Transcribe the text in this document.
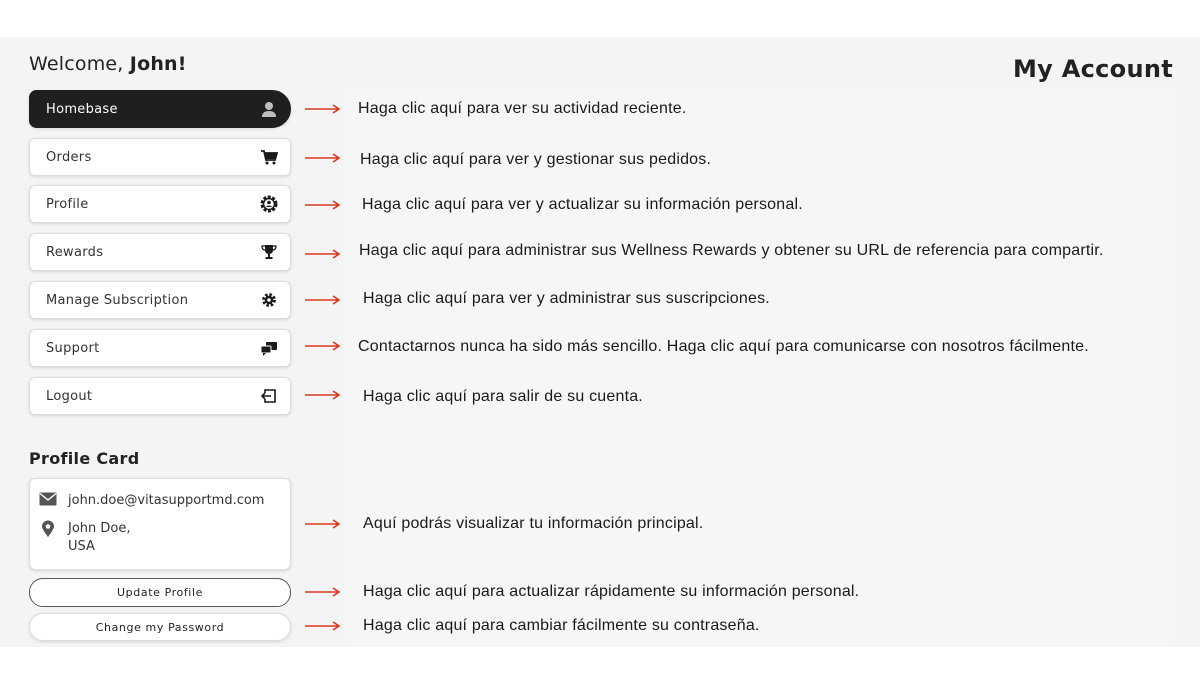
Welcome, John!	My Account
Homebase
Orders
Profile
Rewards
Manage Subscription
Support
Logout
Haga clic aquí para ver su actividad reciente.
Haga clic aquí para ver y gestionar sus pedidos.
Haga clic aquí para ver y actualizar su información personal.
Haga clic aquí para administrar sus Wellness Rewards y obtener su URL de referencia para compartir.
Haga clic aquí para ver y administrar sus suscripciones.
Contactarnos nunca ha sido más sencillo. Haga clic aquí para comunicarse con nosotros fácilmente.
Haga clic aquí para salir de su cuenta.
Aquí podrás visualizar tu información principal.
Haga clic aquí para actualizar rápidamente su información personal.
Haga clic aquí para cambiar fácilmente su contraseña.
Profile Card
john.doe@vitasupportmd.com
John Doe,
USA
Update Profile
Change my Password
